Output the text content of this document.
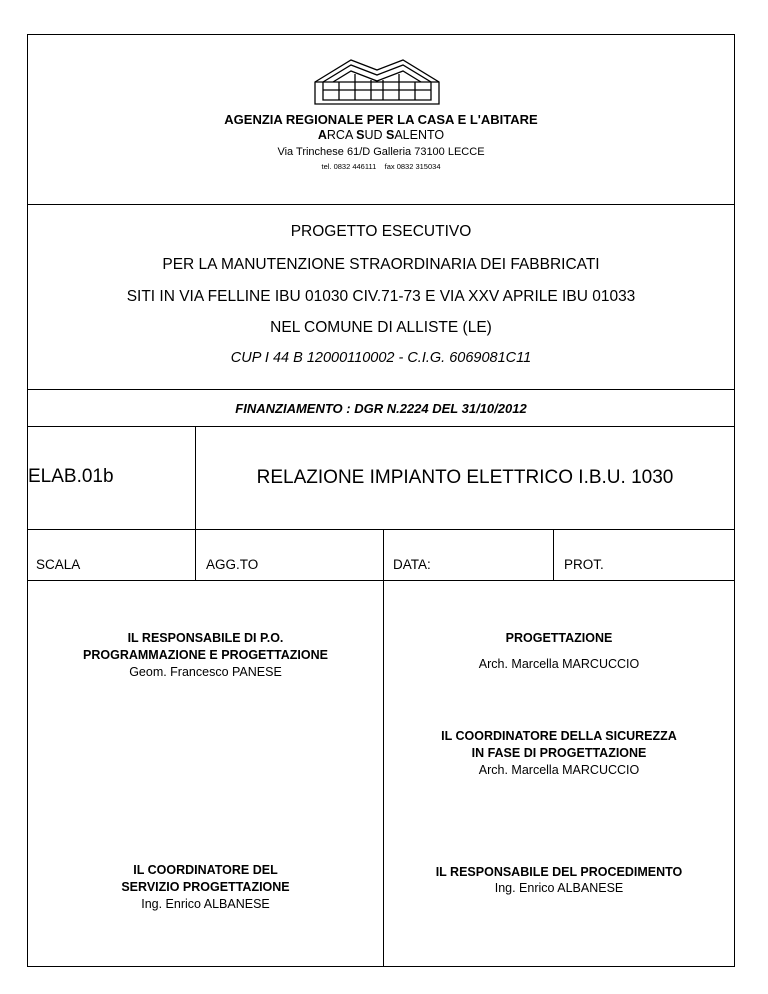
AGENZIA REGIONALE PER LA CASA E L'ABITARE
ARCA SUD SALENTO
Via Trinchese 61/D Galleria 73100 LECCE
tel. 0832 446111 fax 0832 315034
PROGETTO ESECUTIVO
PER LA MANUTENZIONE STRAORDINARIA DEI FABBRICATI
SITI IN VIA FELLINE IBU 01030 CIV.71-73 E VIA XXV APRILE IBU 01033
NEL COMUNE DI ALLISTE (LE)
CUP I 44 B 12000110002 - C.I.G. 6069081C11
FINANZIAMENTO : DGR N.2224 DEL 31/10/2012
ELAB.01b	RELAZIONE IMPIANTO ELETTRICO I.B.U. 1030
SCALA	AGG.TO	DATA:	PROT.
IL RESPONSABILE DI P.O.
PROGRAMMAZIONE E PROGETTAZIONE
Geom. Francesco PANESE
IL COORDINATORE DEL
SERVIZIO PROGETTAZIONE
Ing. Enrico ALBANESE
PROGETTAZIONE
Arch. Marcella MARCUCCIO
IL COORDINATORE DELLA SICUREZZA
IN FASE DI PROGETTAZIONE
Arch. Marcella MARCUCCIO
IL RESPONSABILE DEL PROCEDIMENTO
Ing. Enrico ALBANESE
